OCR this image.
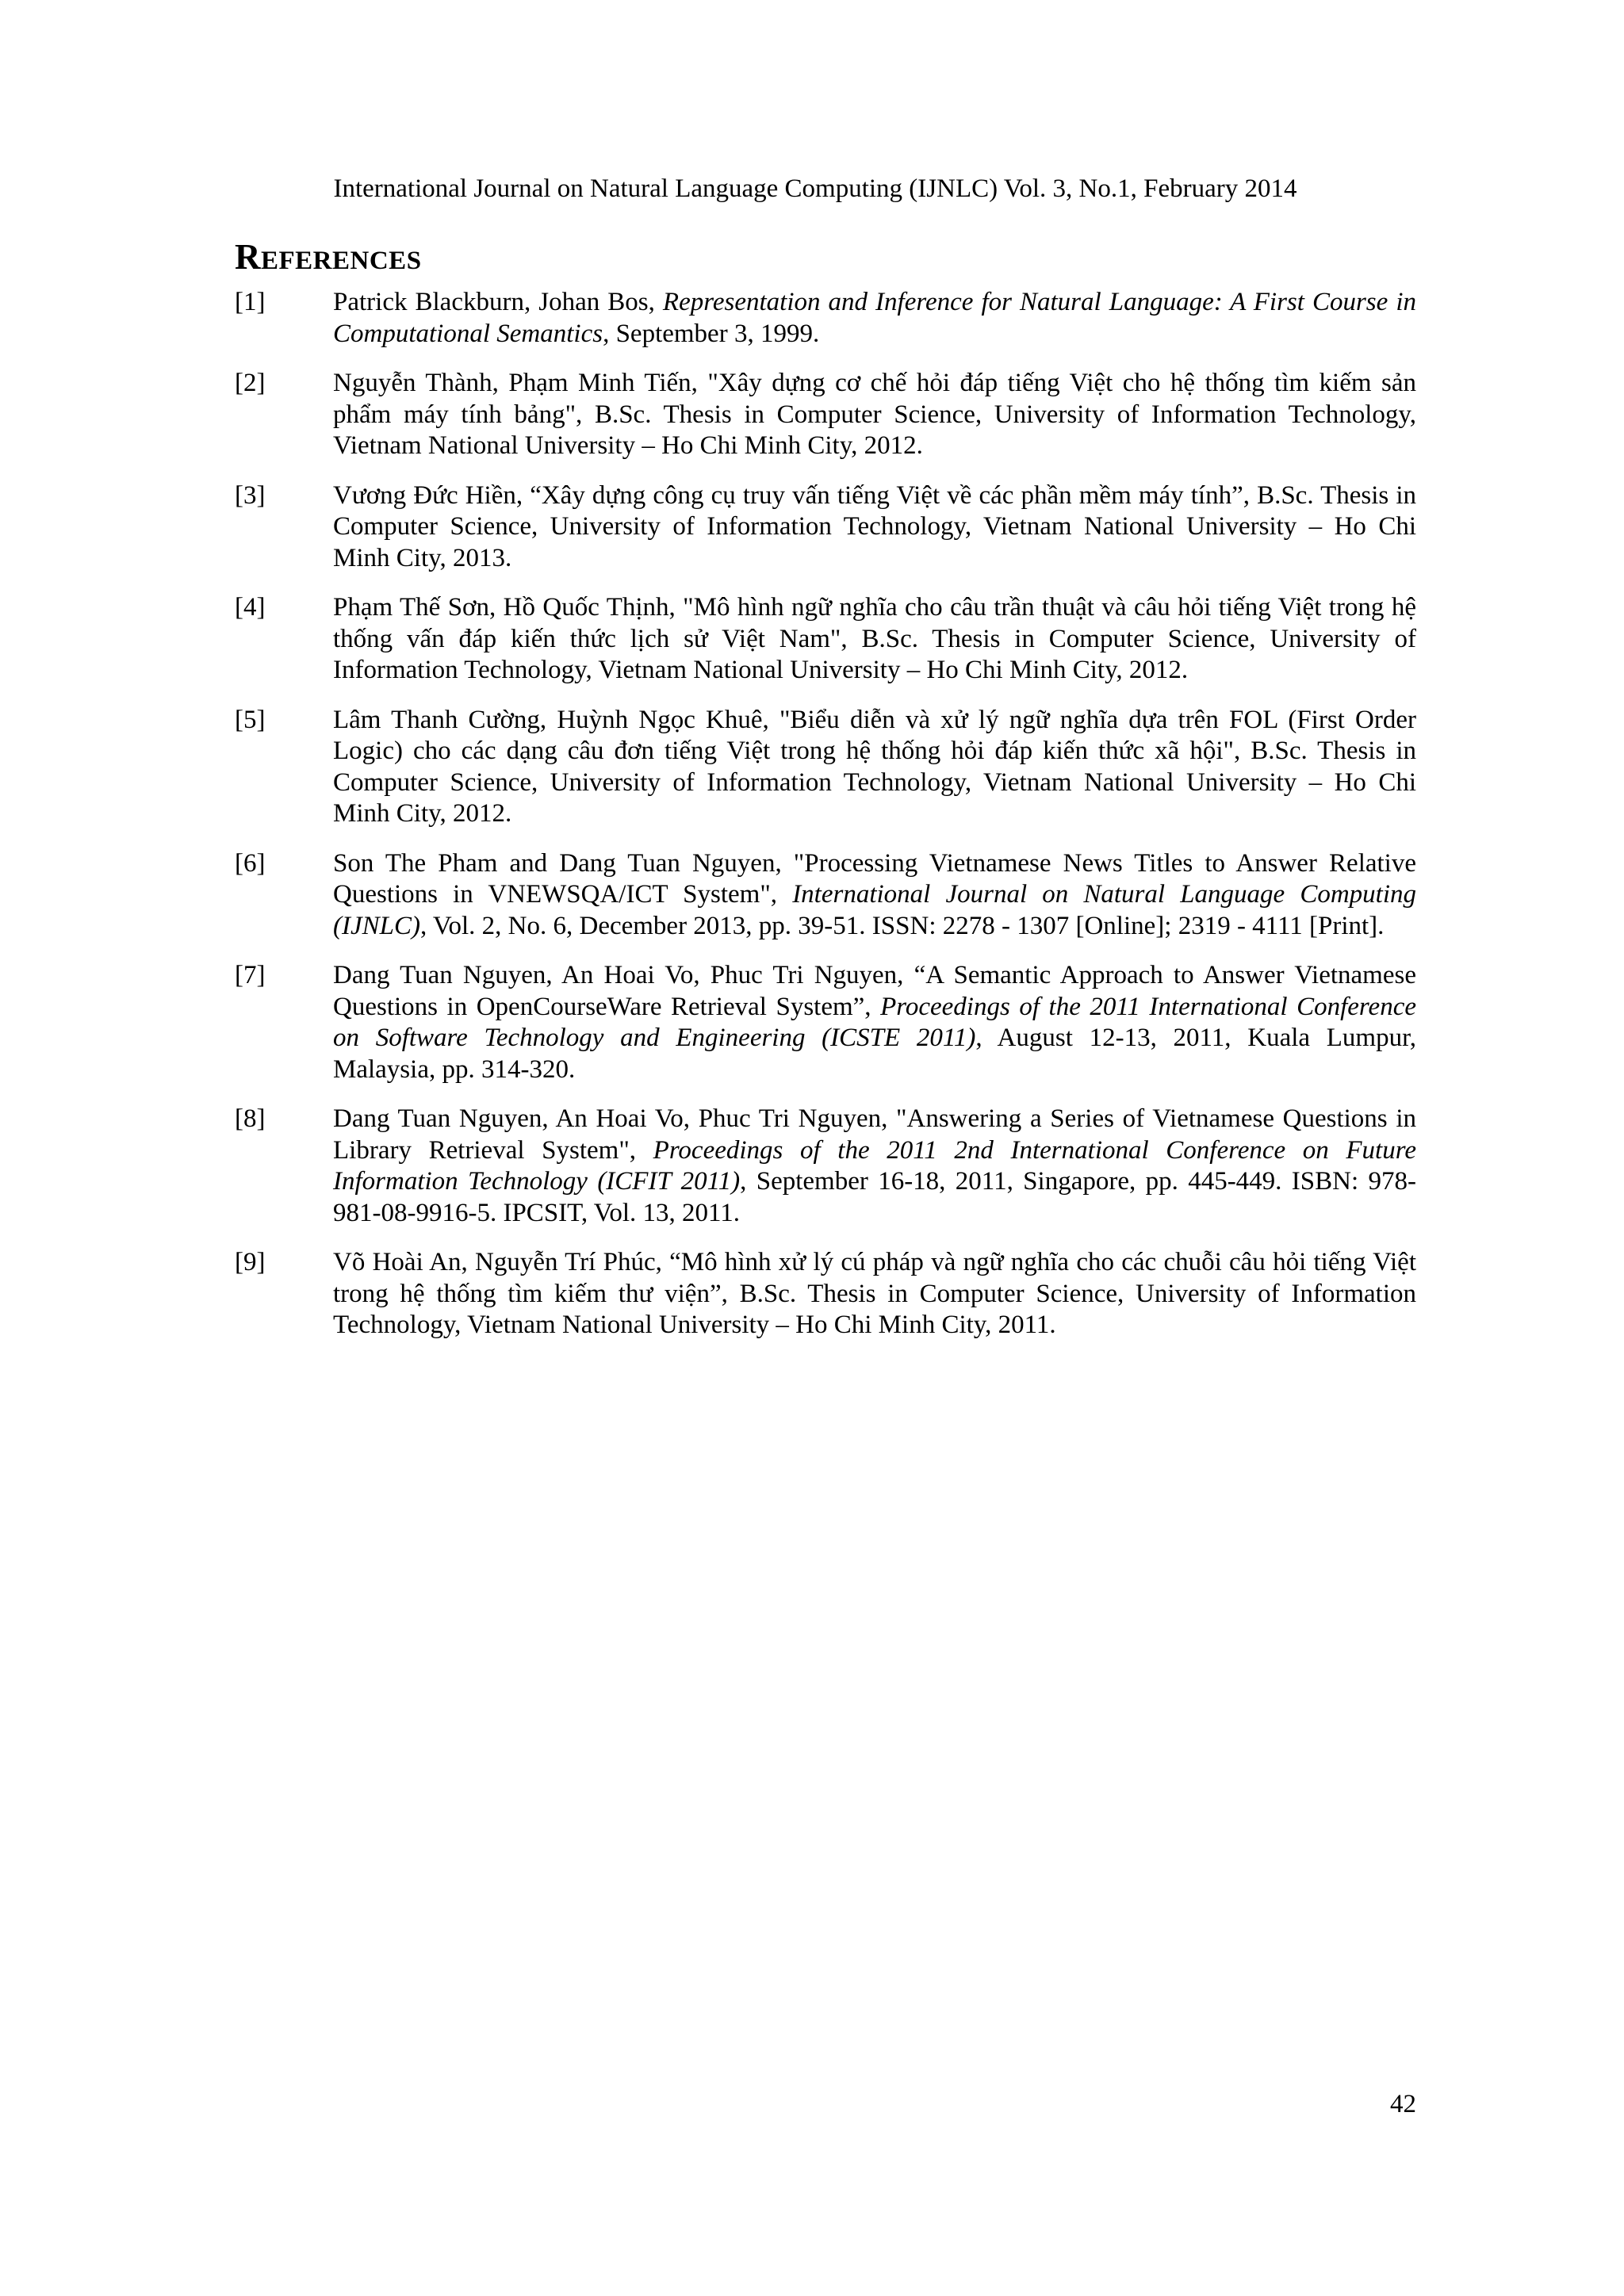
International Journal on Natural Language Computing (IJNLC) Vol. 3, No.1, February 2014
REFERENCES
[1]	Patrick Blackburn, Johan Bos, Representation and Inference for Natural Language: A First Course in Computational Semantics, September 3, 1999.
[2]	Nguyễn Thành, Phạm Minh Tiến, "Xây dựng cơ chế hỏi đáp tiếng Việt cho hệ thống tìm kiếm sản phẩm máy tính bảng", B.Sc. Thesis in Computer Science, University of Information Technology, Vietnam National University – Ho Chi Minh City, 2012.
[3]	Vương Đức Hiền, “Xây dựng công cụ truy vấn tiếng Việt về các phần mềm máy tính”, B.Sc. Thesis in Computer Science, University of Information Technology, Vietnam National University – Ho Chi Minh City, 2013.
[4]	Phạm Thế Sơn, Hồ Quốc Thịnh, "Mô hình ngữ nghĩa cho câu trần thuật và câu hỏi tiếng Việt trong hệ thống vấn đáp kiến thức lịch sử Việt Nam", B.Sc. Thesis in Computer Science, University of Information Technology, Vietnam National University – Ho Chi Minh City, 2012.
[5]	Lâm Thanh Cường, Huỳnh Ngọc Khuê, "Biểu diễn và xử lý ngữ nghĩa dựa trên FOL (First Order Logic) cho các dạng câu đơn tiếng Việt trong hệ thống hỏi đáp kiến thức xã hội", B.Sc. Thesis in Computer Science, University of Information Technology, Vietnam National University – Ho Chi Minh City, 2012.
[6]	Son The Pham and Dang Tuan Nguyen, "Processing Vietnamese News Titles to Answer Relative Questions in VNEWSQA/ICT System", International Journal on Natural Language Computing (IJNLC), Vol. 2, No. 6, December 2013, pp. 39-51. ISSN: 2278 - 1307 [Online]; 2319 - 4111 [Print].
[7]	Dang Tuan Nguyen, An Hoai Vo, Phuc Tri Nguyen, “A Semantic Approach to Answer Vietnamese Questions in OpenCourseWare Retrieval System”, Proceedings of the 2011 International Conference on Software Technology and Engineering (ICSTE 2011), August 12-13, 2011, Kuala Lumpur, Malaysia, pp. 314-320.
[8]	Dang Tuan Nguyen, An Hoai Vo, Phuc Tri Nguyen, "Answering a Series of Vietnamese Questions in Library Retrieval System", Proceedings of the 2011 2nd International Conference on Future Information Technology (ICFIT 2011), September 16-18, 2011, Singapore, pp. 445-449. ISBN: 978-981-08-9916-5. IPCSIT, Vol. 13, 2011.
[9]	Võ Hoài An, Nguyễn Trí Phúc, “Mô hình xử lý cú pháp và ngữ nghĩa cho các chuỗi câu hỏi tiếng Việt trong hệ thống tìm kiếm thư viện”, B.Sc. Thesis in Computer Science, University of Information Technology, Vietnam National University – Ho Chi Minh City, 2011.
42
